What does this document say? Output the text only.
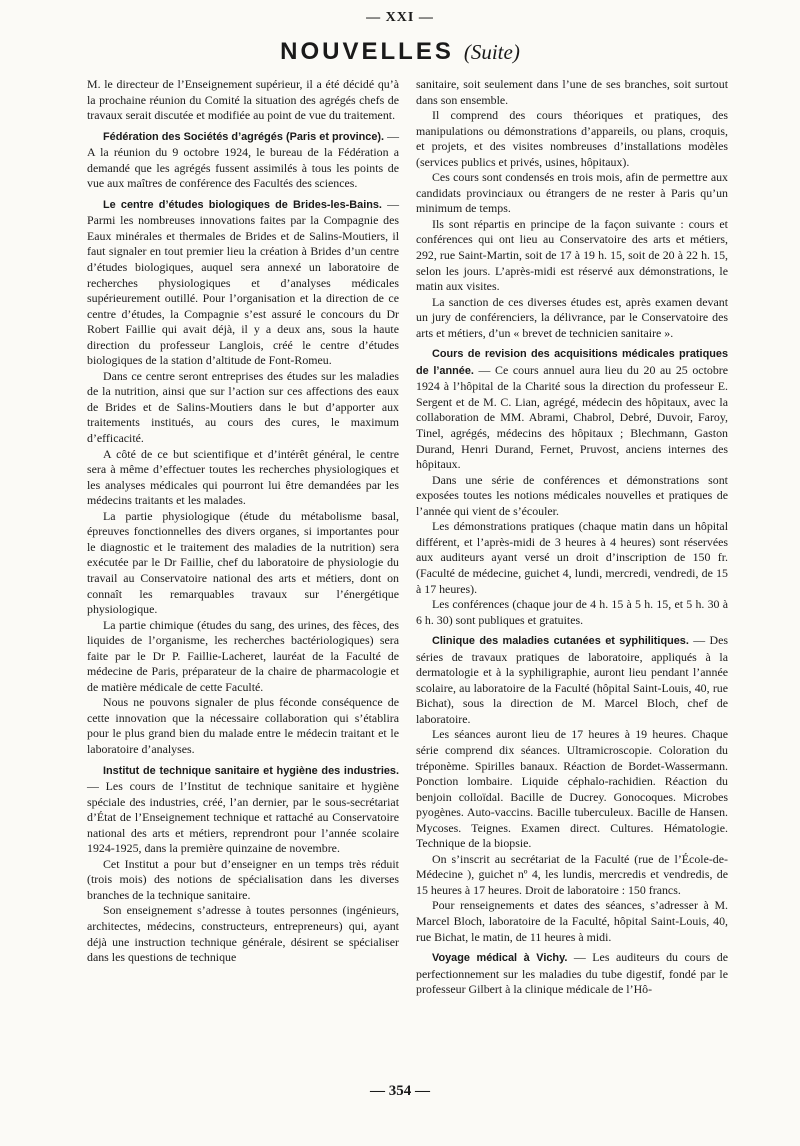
— XXI —
NOUVELLES (Suite)

M. le directeur de l’Enseignement supérieur, il a été décidé qu’à la prochaine réunion du Comité la situation des agrégés chefs de travaux serait discutée et modifiée au point de vue du traitement.

Fédération des Sociétés d’agrégés (Paris et province). — A la réunion du 9 octobre 1924, le bureau de la Fédération a demandé que les agrégés fussent assimilés à tous les points de vue aux maîtres de conférence des Facultés des sciences.

Le centre d’études biologiques de Brides-les-Bains. — Parmi les nombreuses innovations faites par la Compagnie des Eaux minérales et thermales de Brides et de Salins-Moutiers, il faut signaler en tout premier lieu la création à Brides d’un centre d’études biologiques, auquel sera annexé un laboratoire de recherches physiologiques et d’analyses médicales supérieurement outillé. Pour l’organisation et la direction de ce centre d’études, la Compagnie s’est assuré le concours du Dr Robert Faillie qui avait déjà, il y a deux ans, sous la haute direction du professeur Langlois, créé le centre d’études biologiques de la station d’altitude de Font-Romeu.

Dans ce centre seront entreprises des études sur les maladies de la nutrition, ainsi que sur l’action sur ces affections des eaux de Brides et de Salins-Moutiers dans le but d’apporter aux traitements institués, au cours des cures, le maximum d’efficacité.

A côté de ce but scientifique et d’intérêt général, le centre sera à même d’effectuer toutes les recherches physiologiques et les analyses médicales qui pourront lui être demandées par les médecins traitants et les malades.

La partie physiologique (étude du métabolisme basal, épreuves fonctionnelles des divers organes, si importantes pour le diagnostic et le traitement des maladies de la nutrition) sera exécutée par le Dr Faillie, chef du laboratoire de physiologie du travail au Conservatoire national des arts et métiers, dont on connaît les remarquables travaux sur l’énergétique physiologique.

La partie chimique (études du sang, des urines, des fèces, des liquides de l’organisme, les recherches bactériologiques) sera faite par le Dr P. Faillie-Lacheret, lauréat de la Faculté de médecine de Paris, préparateur de la chaire de pharmacologie et de matière médicale de cette Faculté.

Nous ne pouvons signaler de plus féconde conséquence de cette innovation que la nécessaire collaboration qui s’établira pour le plus grand bien du malade entre le médecin traitant et le laboratoire d’analyses.

Institut de technique sanitaire et hygiène des industries. — Les cours de l’Institut de technique sanitaire et hygiène spéciale des industries, créé, l’an dernier, par le sous-secrétariat d’État de l’Enseignement technique et rattaché au Conservatoire national des arts et métiers, reprendront pour l’année scolaire 1924-1925, dans la première quinzaine de novembre.

Cet Institut a pour but d’enseigner en un temps très réduit (trois mois) des notions de spécialisation dans les diverses branches de la technique sanitaire.

Son enseignement s’adresse à toutes personnes (ingénieurs, architectes, médecins, constructeurs, entrepreneurs) qui, ayant déjà une instruction technique générale, désirent se spécialiser dans les questions de technique

sanitaire, soit seulement dans l’une de ses branches, soit surtout dans son ensemble.

Il comprend des cours théoriques et pratiques, des manipulations ou démonstrations d’appareils, ou plans, croquis, et projets, et des visites nombreuses d’installations modèles (services publics et privés, usines, hôpitaux).

Ces cours sont condensés en trois mois, afin de permettre aux candidats provinciaux ou étrangers de ne rester à Paris qu’un minimum de temps.

Ils sont répartis en principe de la façon suivante : cours et conférences qui ont lieu au Conservatoire des arts et métiers, 292, rue Saint-Martin, soit de 17 à 19 h. 15, soit de 20 à 22 h. 15, selon les jours. L’après-midi est réservé aux démonstrations, le matin aux visites.

La sanction de ces diverses études est, après examen devant un jury de conférenciers, la délivrance, par le Conservatoire des arts et métiers, d’un « brevet de technicien sanitaire ».

Cours de revision des acquisitions médicales pratiques de l’année. — Ce cours annuel aura lieu du 20 au 25 octobre 1924 à l’hôpital de la Charité sous la direction du professeur E. Sergent et de M. C. Lian, agrégé, médecin des hôpitaux, avec la collaboration de MM. Abrami, Chabrol, Debré, Duvoir, Faroy, Tinel, agrégés, médecins des hôpitaux ; Blechmann, Gaston Durand, Henri Durand, Fernet, Pruvost, anciens internes des hôpitaux.

Dans une série de conférences et démonstrations sont exposées toutes les notions médicales nouvelles et pratiques de l’année qui vient de s’écouler.

Les démonstrations pratiques (chaque matin dans un hôpital différent, et l’après-midi de 3 heures à 4 heures) sont réservées aux auditeurs ayant versé un droit d’inscription de 150 fr. (Faculté de médecine, guichet 4, lundi, mercredi, vendredi, de 15 à 17 heures).

Les conférences (chaque jour de 4 h. 15 à 5 h. 15, et 5 h. 30 à 6 h. 30) sont publiques et gratuites.

Clinique des maladies cutanées et syphilitiques. — Des séries de travaux pratiques de laboratoire, appliqués à la dermatologie et à la syphiligraphie, auront lieu pendant l’année scolaire, au laboratoire de la Faculté (hôpital Saint-Louis, 40, rue Bichat), sous la direction de M. Marcel Bloch, chef de laboratoire.

Les séances auront lieu de 17 heures à 19 heures. Chaque série comprend dix séances. Ultramicroscopie. Coloration du tréponème. Spirilles banaux. Réaction de Bordet-Wassermann. Ponction lombaire. Liquide céphalo-rachidien. Réaction du benjoin colloïdal. Bacille de Ducrey. Gonocoques. Microbes pyogènes. Auto-vaccins. Bacille tuberculeux. Bacille de Hansen. Mycoses. Teignes. Examen direct. Cultures. Hématologie. Technique de la biopsie.

On s’inscrit au secrétariat de la Faculté (rue de l’École-de-Médecine ), guichet nº 4, les lundis, mercredis et vendredis, de 15 heures à 17 heures. Droit de laboratoire : 150 francs.

Pour renseignements et dates des séances, s’adresser à M. Marcel Bloch, laboratoire de la Faculté, hôpital Saint-Louis, 40, rue Bichat, le matin, de 11 heures à midi.

Voyage médical à Vichy. — Les auditeurs du cours de perfectionnement sur les maladies du tube digestif, fondé par le professeur Gilbert à la clinique médicale de l’Hô-

— 354 —
